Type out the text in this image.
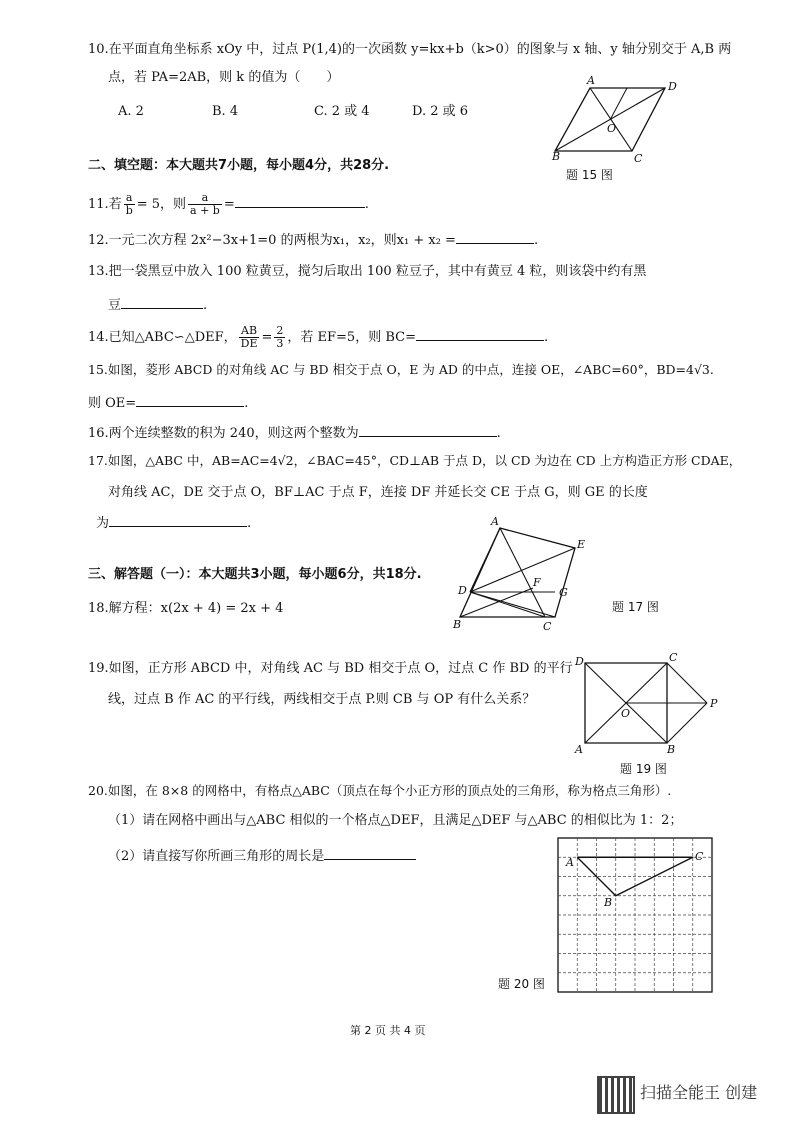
10.在平面直角坐标系 xOy 中，过点 P(1,4)的一次函数 y=kx+b（k>0）的图象与 x 轴、y 轴分别交于 A,B 两
点，若 PA=2AB，则 k 的值为（　　）
A. 2	B. 4	C. 2 或 4	D. 2 或 6
A	D
O
B	C
题 15 图
二、填空题：本大题共7小题，每小题4分，共28分.
11.若 $\frac{a}{b} = 5$，则 $\frac{a}{a + b}$ =	.
12.一元二次方程 2x²−3x+1=0 的两根为x₁，x₂，则x₁ + x₂ =	.
13.把一袋黑豆中放入 100 粒黄豆，搅匀后取出 100 粒豆子，其中有黄豆 4 粒，则该袋中约有黑
豆	.
14.已知△ABC∽△DEF， $\frac{AB}{DE} = \frac{2}{3}$ ，若 EF=5，则 BC=	.
15.如图，菱形 ABCD 的对角线 AC 与 BD 相交于点 O，E 为 AD 的中点，连接 OE，∠ABC=60°，BD=4√3.
则 OE=	.
16.两个连续整数的积为 240，则这两个整数为	.
17.如图，△ABC 中，AB=AC=4√2，∠BAC=45°，CD⊥AB 于点 D，以 CD 为边在 CD 上方构造正方形 CDAE，
对角线 AC，DE 交于点 O，BF⊥AC 于点 F，连接 DF 并延长交 CE 于点 G，则 GE 的长度
为	.	A
E
F
D	G
B	C
题 17 图
三、解答题（一）：本大题共3小题，每小题6分，共18分.
18.解方程：x(2x + 4) = 2x + 4
19.如图，正方形 ABCD 中，对角线 AC 与 BD 相交于点 O，过点 C 作 BD 的平行
线，过点 B 作 AC 的平行线，两线相交于点 P.则 CB 与 OP 有什么关系？
D	C
O
P
A	B
题 19 图
20.如图，在 8×8 的网格中，有格点△ABC（顶点在每个小正方形的顶点处的三角形，称为格点三角形）.
（1）请在网格中画出与△ABC 相似的一个格点△DEF，且满足△DEF 与△ABC 的相似比为 1：2；
（2）请直接写你所画三角形的周长是	A
B
C
题 20 图
第 2 页 共 4 页
扫描全能王 创建
